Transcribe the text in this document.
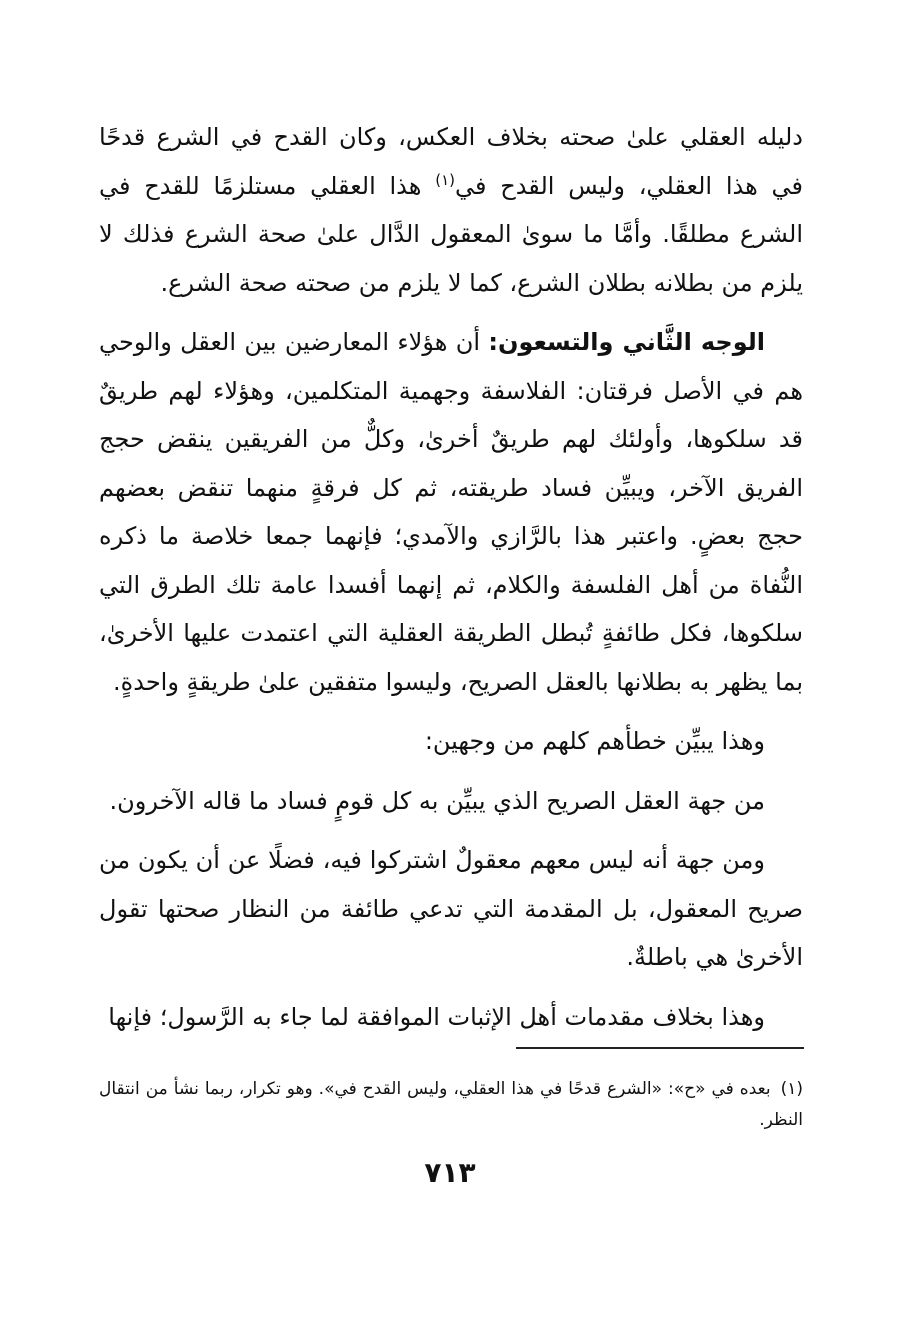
دليله العقلي علىٰ صحته بخلاف العكس، وكان القدح في الشرع قدحًا في هذا العقلي، وليس القدح في$^{(١)}$ هذا العقلي مستلزمًا للقدح في الشرع مطلقًا. وأمَّا ما سوىٰ المعقول الدَّال علىٰ صحة الشرع فذلك لا يلزم من بطلانه بطلان الشرع، كما لا يلزم من صحته صحة الشرع.

الوجه الثَّاني والتسعون: أن هؤلاء المعارضين بين العقل والوحي هم في الأصل فرقتان: الفلاسفة وجهمية المتكلمين، وهؤلاء لهم طريقٌ قد سلكوها، وأولئك لهم طريقٌ أخرىٰ، وكلٌّ من الفريقين ينقض حجج الفريق الآخر، ويبيِّن فساد طريقته، ثم كل فرقةٍ منهما تنقض بعضهم حجج بعضٍ. واعتبر هذا بالرَّازي والآمدي؛ فإنهما جمعا خلاصة ما ذكره النُّفاة من أهل الفلسفة والكلام، ثم إنهما أفسدا عامة تلك الطرق التي سلكوها، فكل طائفةٍ تُبطل الطريقة العقلية التي اعتمدت عليها الأخرىٰ، بما يظهر به بطلانها بالعقل الصريح، وليسوا متفقين علىٰ طريقةٍ واحدةٍ.

وهذا يبيِّن خطأهم كلهم من وجهين:

من جهة العقل الصريح الذي يبيِّن به كل قومٍ فساد ما قاله الآخرون.

ومن جهة أنه ليس معهم معقولٌ اشتركوا فيه، فضلًا عن أن يكون من صريح المعقول، بل المقدمة التي تدعي طائفة من النظار صحتها تقول الأخرىٰ هي باطلةٌ.

وهذا بخلاف مقدمات أهل الإثبات الموافقة لما جاء به الرَّسول؛ فإنها

(١)بعده في «ح»: «الشرع قدحًا في هذا العقلي، وليس القدح في». وهو تكرار، ربما نشأ من انتقال النظر.

٧١٣
